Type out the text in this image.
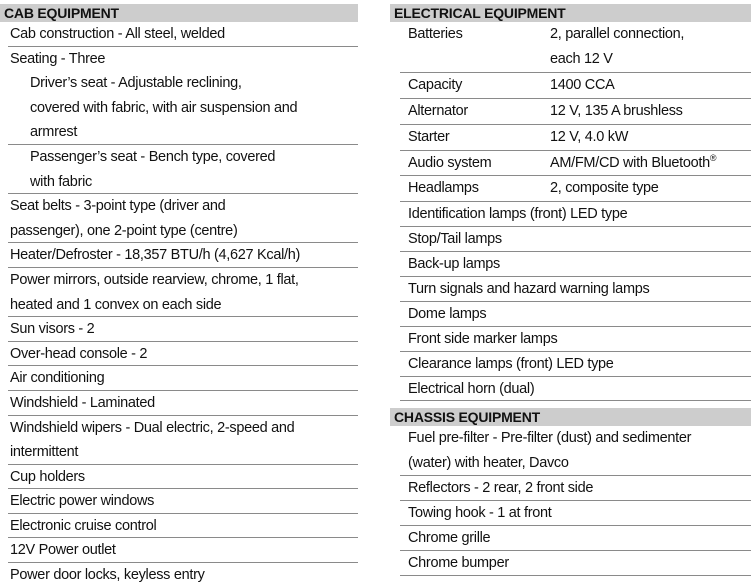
CAB EQUIPMENT
Cab construction - All steel, welded
Seating - Three
Driver’s seat - Adjustable reclining,
covered with fabric, with air suspension and
armrest
Passenger’s seat - Bench type, covered
with fabric
Seat belts - 3-point type (driver and
passenger), one 2-point type (centre)
Heater/Defroster - 18,357 BTU/h (4,627 Kcal/h)
Power mirrors, outside rearview, chrome, 1 flat,
heated and 1 convex on each side
Sun visors - 2
Over-head console - 2
Air conditioning
Windshield - Laminated
Windshield wipers - Dual electric, 2-speed and
intermittent
Cup holders
Electric power windows
Electronic cruise control
12V Power outlet
Power door locks, keyless entry
ELECTRICAL EQUIPMENT
Batteries	2, parallel connection,
each 12 V
Capacity	1400 CCA
Alternator	12 V, 135 A brushless
Starter	12 V, 4.0 kW
Audio system	AM/FM/CD with Bluetooth®
Headlamps	2, composite type
Identification lamps (front) LED type
Stop/Tail lamps
Back-up lamps
Turn signals and hazard warning lamps
Dome lamps
Front side marker lamps
Clearance lamps (front) LED type
Electrical horn (dual)
CHASSIS EQUIPMENT
Fuel pre-filter - Pre-filter (dust) and sedimenter
(water) with heater, Davco
Reflectors - 2 rear, 2 front side
Towing hook - 1 at front
Chrome grille
Chrome bumper
